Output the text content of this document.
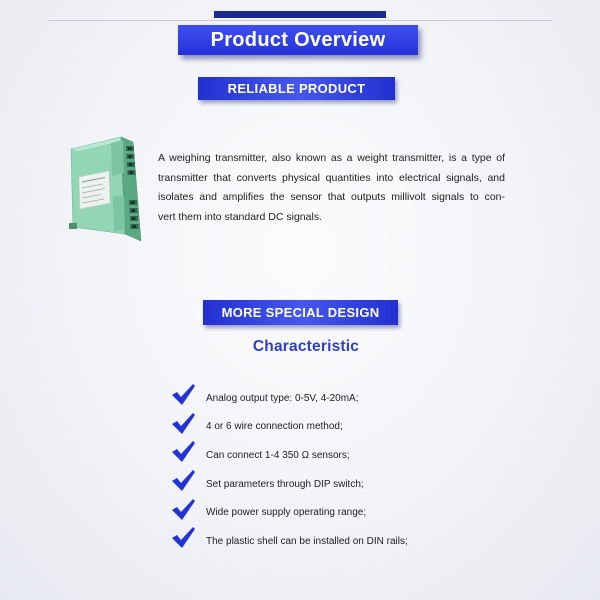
Product Overview
RELIABLE PRODUCT
A weighing transmitter, also known as a weight transmitter, is a type of
transmitter that converts physical quantities into electrical signals, and
isolates and amplifies the sensor that outputs millivolt signals to con-
vert them into standard DC signals.
MORE SPECIAL DESIGN
Characteristic
Analog output type: 0-5V, 4-20mA;
4 or 6 wire connection method;
Can connect 1-4 350 Ω sensors;
Set parameters through DIP switch;
Wide power supply operating range;
The plastic shell can be installed on DIN rails;
